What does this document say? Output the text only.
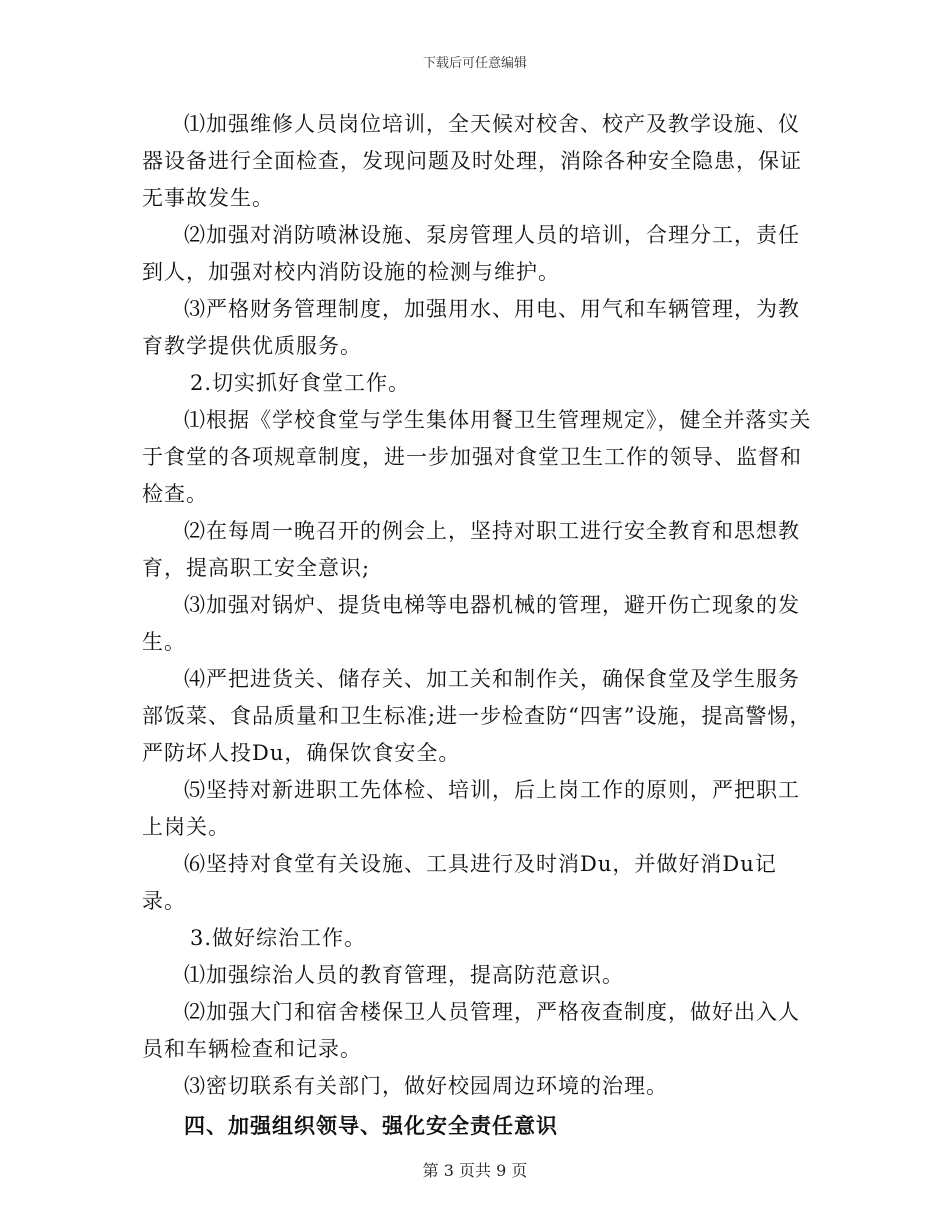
下载后可任意编辑

⑴加强维修人员岗位培训，全天候对校舍、校产及教学设施、仪器设备进行全面检查，发现问题及时处理，消除各种安全隐患，保证无事故发生。

⑵加强对消防喷淋设施、泵房管理人员的培训，合理分工，责任到人，加强对校内消防设施的检测与维护。

⑶严格财务管理制度，加强用水、用电、用气和车辆管理，为教育教学提供优质服务。

2.切实抓好食堂工作。

⑴根据《学校食堂与学生集体用餐卫生管理规定》，健全并落实关于食堂的各项规章制度，进一步加强对食堂卫生工作的领导、监督和检查。

⑵在每周一晚召开的例会上，坚持对职工进行安全教育和思想教育，提高职工安全意识;

⑶加强对锅炉、提货电梯等电器机械的管理，避开伤亡现象的发生。

⑷严把进货关、储存关、加工关和制作关，确保食堂及学生服务部饭菜、食品质量和卫生标准;进一步检查防“四害”设施，提高警惕，严防坏人投Du，确保饮食安全。

⑸坚持对新进职工先体检、培训，后上岗工作的原则，严把职工上岗关。

⑹坚持对食堂有关设施、工具进行及时消Du，并做好消Du记录。

3.做好综治工作。

⑴加强综治人员的教育管理，提高防范意识。

⑵加强大门和宿舍楼保卫人员管理，严格夜查制度，做好出入人员和车辆检查和记录。

⑶密切联系有关部门，做好校园周边环境的治理。

四、加强组织领导、强化安全责任意识

第 3 页共 9 页
